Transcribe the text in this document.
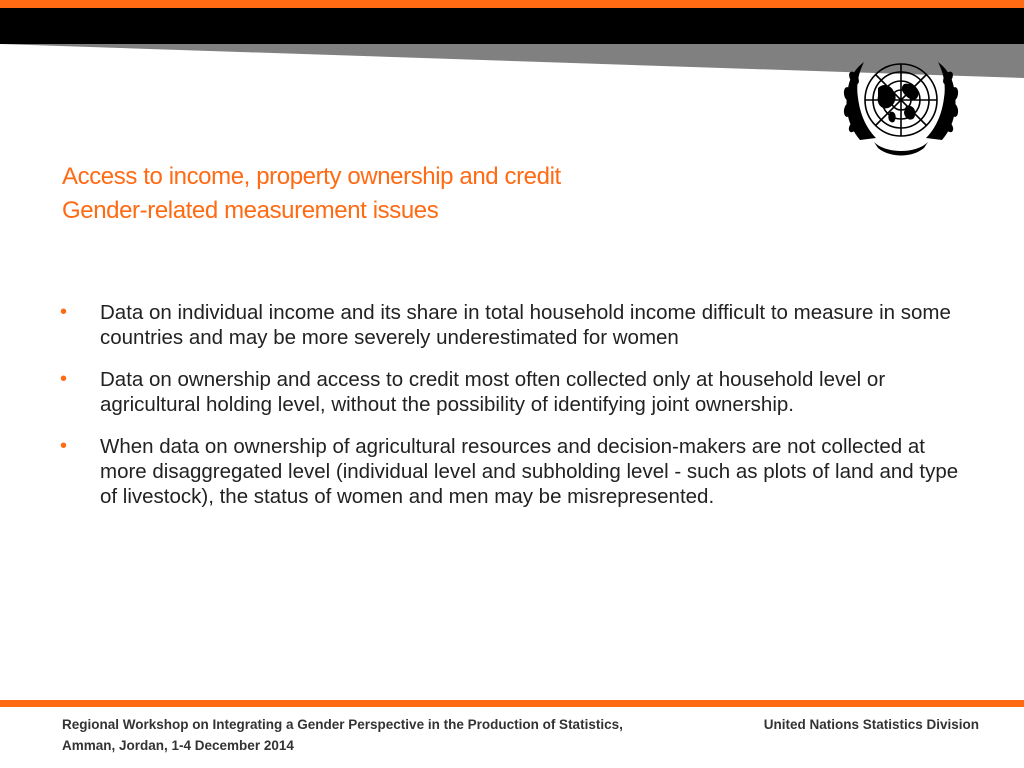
Access to income, property ownership and credit
Gender-related measurement issues
• Data on individual income and its share in total household income difficult to measure in some countries and may be more severely underestimated for women
• Data on ownership and access to credit most often collected only at household level or agricultural holding level, without the possibility of identifying joint ownership.
• When data on ownership of agricultural resources and decision-makers are not collected at more disaggregated level (individual level and subholding level - such as plots of land and type of livestock), the status of women and men may be misrepresented.
Regional Workshop on Integrating a Gender Perspective in the Production of Statistics, Amman, Jordan, 1-4 December 2014
United Nations Statistics Division
